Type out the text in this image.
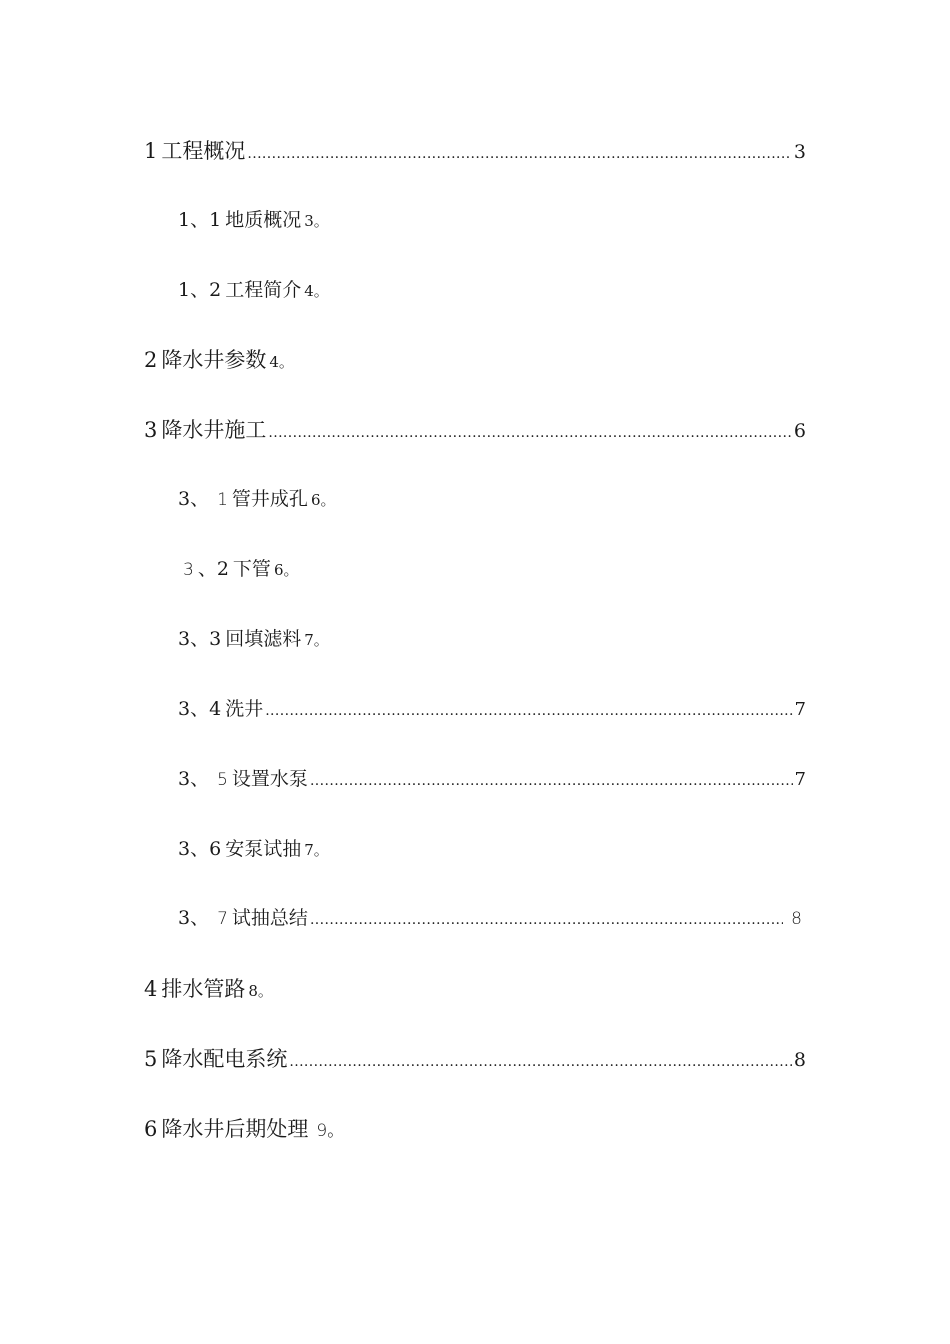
1 工程概况 .....	3
1、1 地质概况 3。
1、2 工程简介 4。
2 降水井参数 4。
3 降水井施工 .....	6
3、 1 管井成孔 6。
3 、2 下管 6。
3、3 回填滤料 7。
3、4 洗井 .....	7
3、 5 设置水泵 .....	7
3、6 安泵试抽 7。
3、 7 试抽总结 .....	8
4 排水管路 8。
5 降水配电系统 .....	8
6 降水井后期处理 9。
